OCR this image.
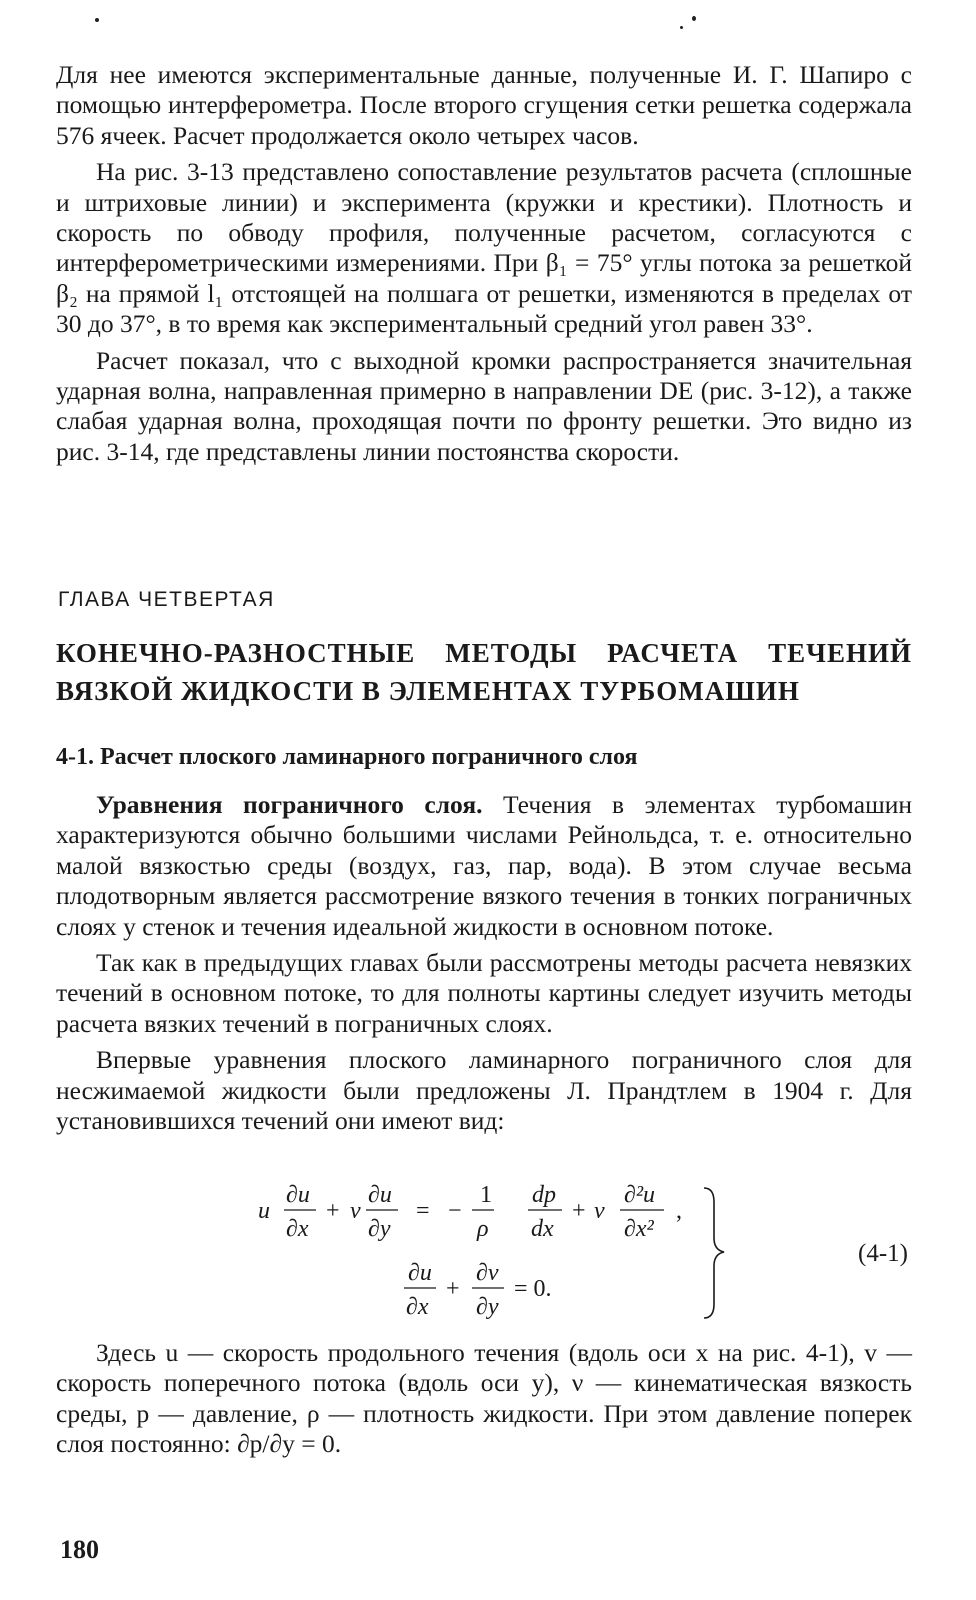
Для нее имеются экспериментальные данные, полученные И. Г. Шапиро с помощью интерферометра. После второго сгущения сетки решетка содержала 576 ячеек. Расчет продолжается около четырех часов.

На рис. 3-13 представлено сопоставление результатов расчета (сплошные и штриховые линии) и эксперимента (кружки и крестики). Плотность и скорость по обводу профиля, полученные расчетом, согласуются с интерферометрическими измерениями. При β₁ = 75° углы потока за решеткой β₂ на прямой l₁ отстоящей на полшага от решетки, изменяются в пределах от 30 до 37°, в то время как экспериментальный средний угол равен 33°.

Расчет показал, что с выходной кромки распространяется значительная ударная волна, направленная примерно в направлении DE (рис. 3-12), а также слабая ударная волна, проходящая почти по фронту решетки. Это видно из рис. 3-14, где представлены линии постоянства скорости.

ГЛАВА ЧЕТВЕРТАЯ
КОНЕЧНО-РАЗНОСТНЫЕ МЕТОДЫ РАСЧЕТА ТЕЧЕНИЙ ВЯЗКОЙ ЖИДКОСТИ В ЭЛЕМЕНТАХ ТУРБОМАШИН
4-1. Расчет плоского ламинарного пограничного слоя

Уравнения пограничного слоя. Течения в элементах турбомашин характеризуются обычно большими числами Рейнольдса, т. е. относительно малой вязкостью среды (воздух, газ, пар, вода). В этом случае весьма плодотворным является рассмотрение вязкого течения в тонких пограничных слоях у стенок и течения идеальной жидкости в основном потоке.

Так как в предыдущих главах были рассмотрены методы расчета невязких течений в основном потоке, то для полноты картины следует изучить методы расчета вязких течений в пограничных слоях.

Впервые уравнения плоского ламинарного пограничного слоя для несжимаемой жидкости были предложены Л. Прандтлем в 1904 г. Для установившихся течений они имеют вид:

u
∂u
∂x
+ v
∂u
∂y
= −
1
ρ
dp
dx
+ ν
∂²u
∂x²
,
∂u
∂x
+
∂v
∂y
= 0.
(4-1)

Здесь u — скорость продольного течения (вдоль оси x на рис. 4-1), v — скорость поперечного потока (вдоль оси y), ν — кинематическая вязкость среды, p — давление, ρ — плотность жидкости. При этом давление поперек слоя постоянно: ∂p/∂y = 0.

180
